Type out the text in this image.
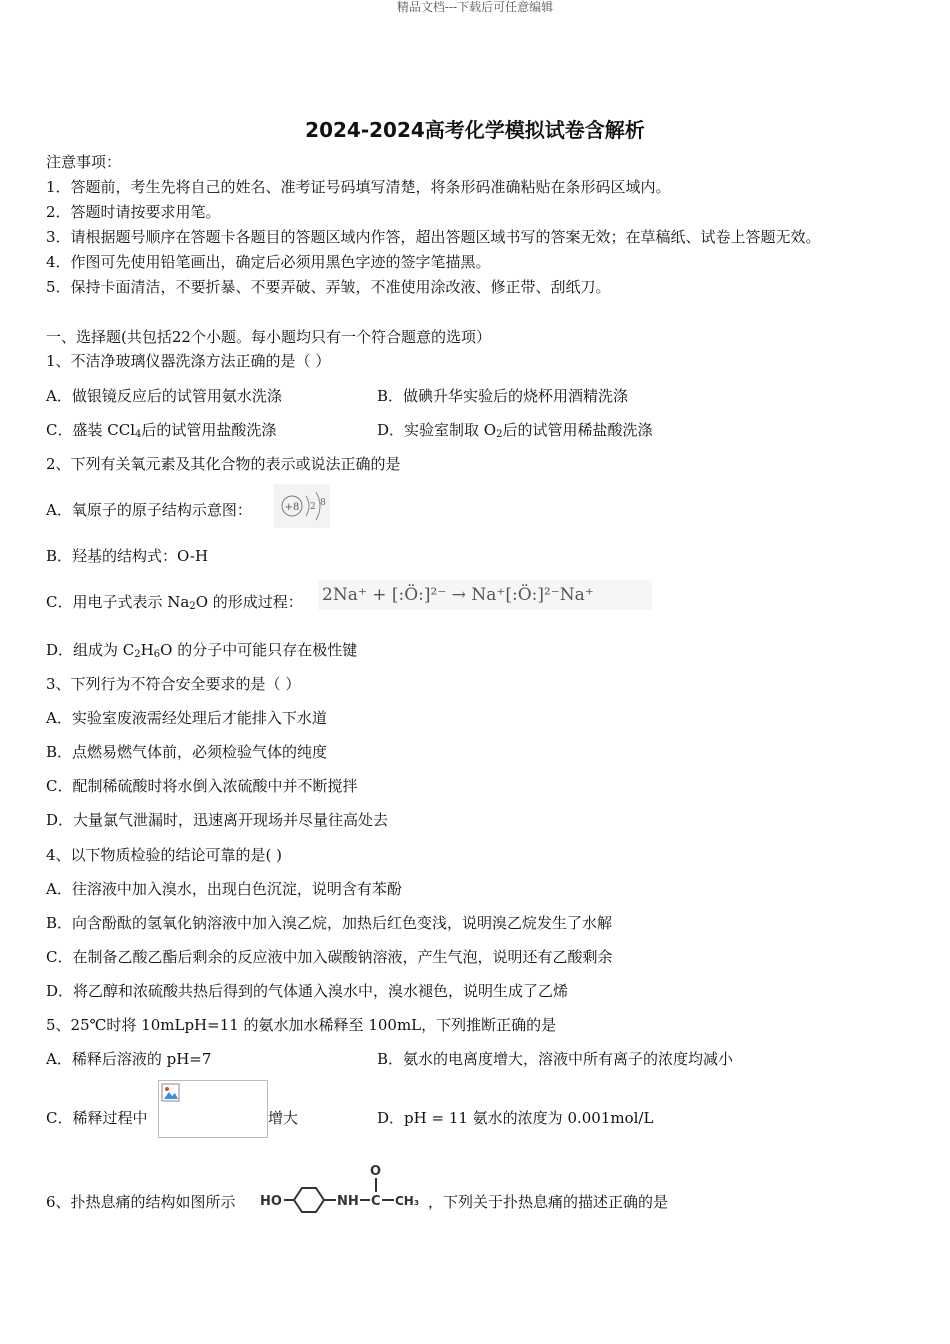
精品文档---下载后可任意编辑
2024-2024高考化学模拟试卷含解析
注意事项：
1．答题前，考生先将自己的姓名、准考证号码填写清楚，将条形码准确粘贴在条形码区域内。
2．答题时请按要求用笔。
3．请根据题号顺序在答题卡各题目的答题区域内作答，超出答题区域书写的答案无效；在草稿纸、试卷上答题无效。
4．作图可先使用铅笔画出，确定后必须用黑色字迹的签字笔描黑。
5．保持卡面清洁，不要折暴、不要弄破、弄皱，不准使用涂改液、修正带、刮纸刀。
一、选择题(共包括22个小题。每小题均只有一个符合题意的选项）
1、不洁净玻璃仪器洗涤方法正确的是（ ）
A．做银镜反应后的试管用氨水洗涤	B．做碘升华实验后的烧杯用酒精洗涤
C．盛装 CCl$_4$后的试管用盐酸洗涤	D．实验室制取 $O_2$后的试管用稀盐酸洗涤
2、下列有关氧元素及其化合物的表示或说法正确的是
A．氧原子的原子结构示意图：	+8 2 8
B．羟基的结构式：O-H
C．用电子式表示 $Na_2O$ 的形成过程： 2Na⁺ + [:Ö:]²⁻ → Na⁺[:Ö:]²⁻Na⁺
D．组成为 $C_2H_6O$ 的分子中可能只存在极性键
3、下列行为不符合安全要求的是（ ）
A．实验室废液需经处理后才能排入下水道
B．点燃易燃气体前，必须检验气体的纯度
C．配制稀硫酸时将水倒入浓硫酸中并不断搅拌
D．大量氯气泄漏时，迅速离开现场并尽量往高处去
4、以下物质检验的结论可靠的是( )
A．往溶液中加入溴水，出现白色沉淀，说明含有苯酚
B．向含酚酞的氢氧化钠溶液中加入溴乙烷，加热后红色变浅，说明溴乙烷发生了水解
C．在制备乙酸乙酯后剩余的反应液中加入碳酸钠溶液，产生气泡，说明还有乙酸剩余
D．将乙醇和浓硫酸共热后得到的气体通入溴水中，溴水褪色，说明生成了乙烯
5、25℃时将 10mLpH=11 的氨水加水稀释至 100mL，下列推断正确的是
A．稀释后溶液的 pH=7	B．氨水的电离度增大，溶液中所有离子的浓度均减小
C．稀释过程中	增大	D．pH = 11 氨水的浓度为 0.001mol/L
6、扑热息痛的结构如图所示 HO	NH C
O
CH₃ ，下列关于扑热息痛的描述正确的是
